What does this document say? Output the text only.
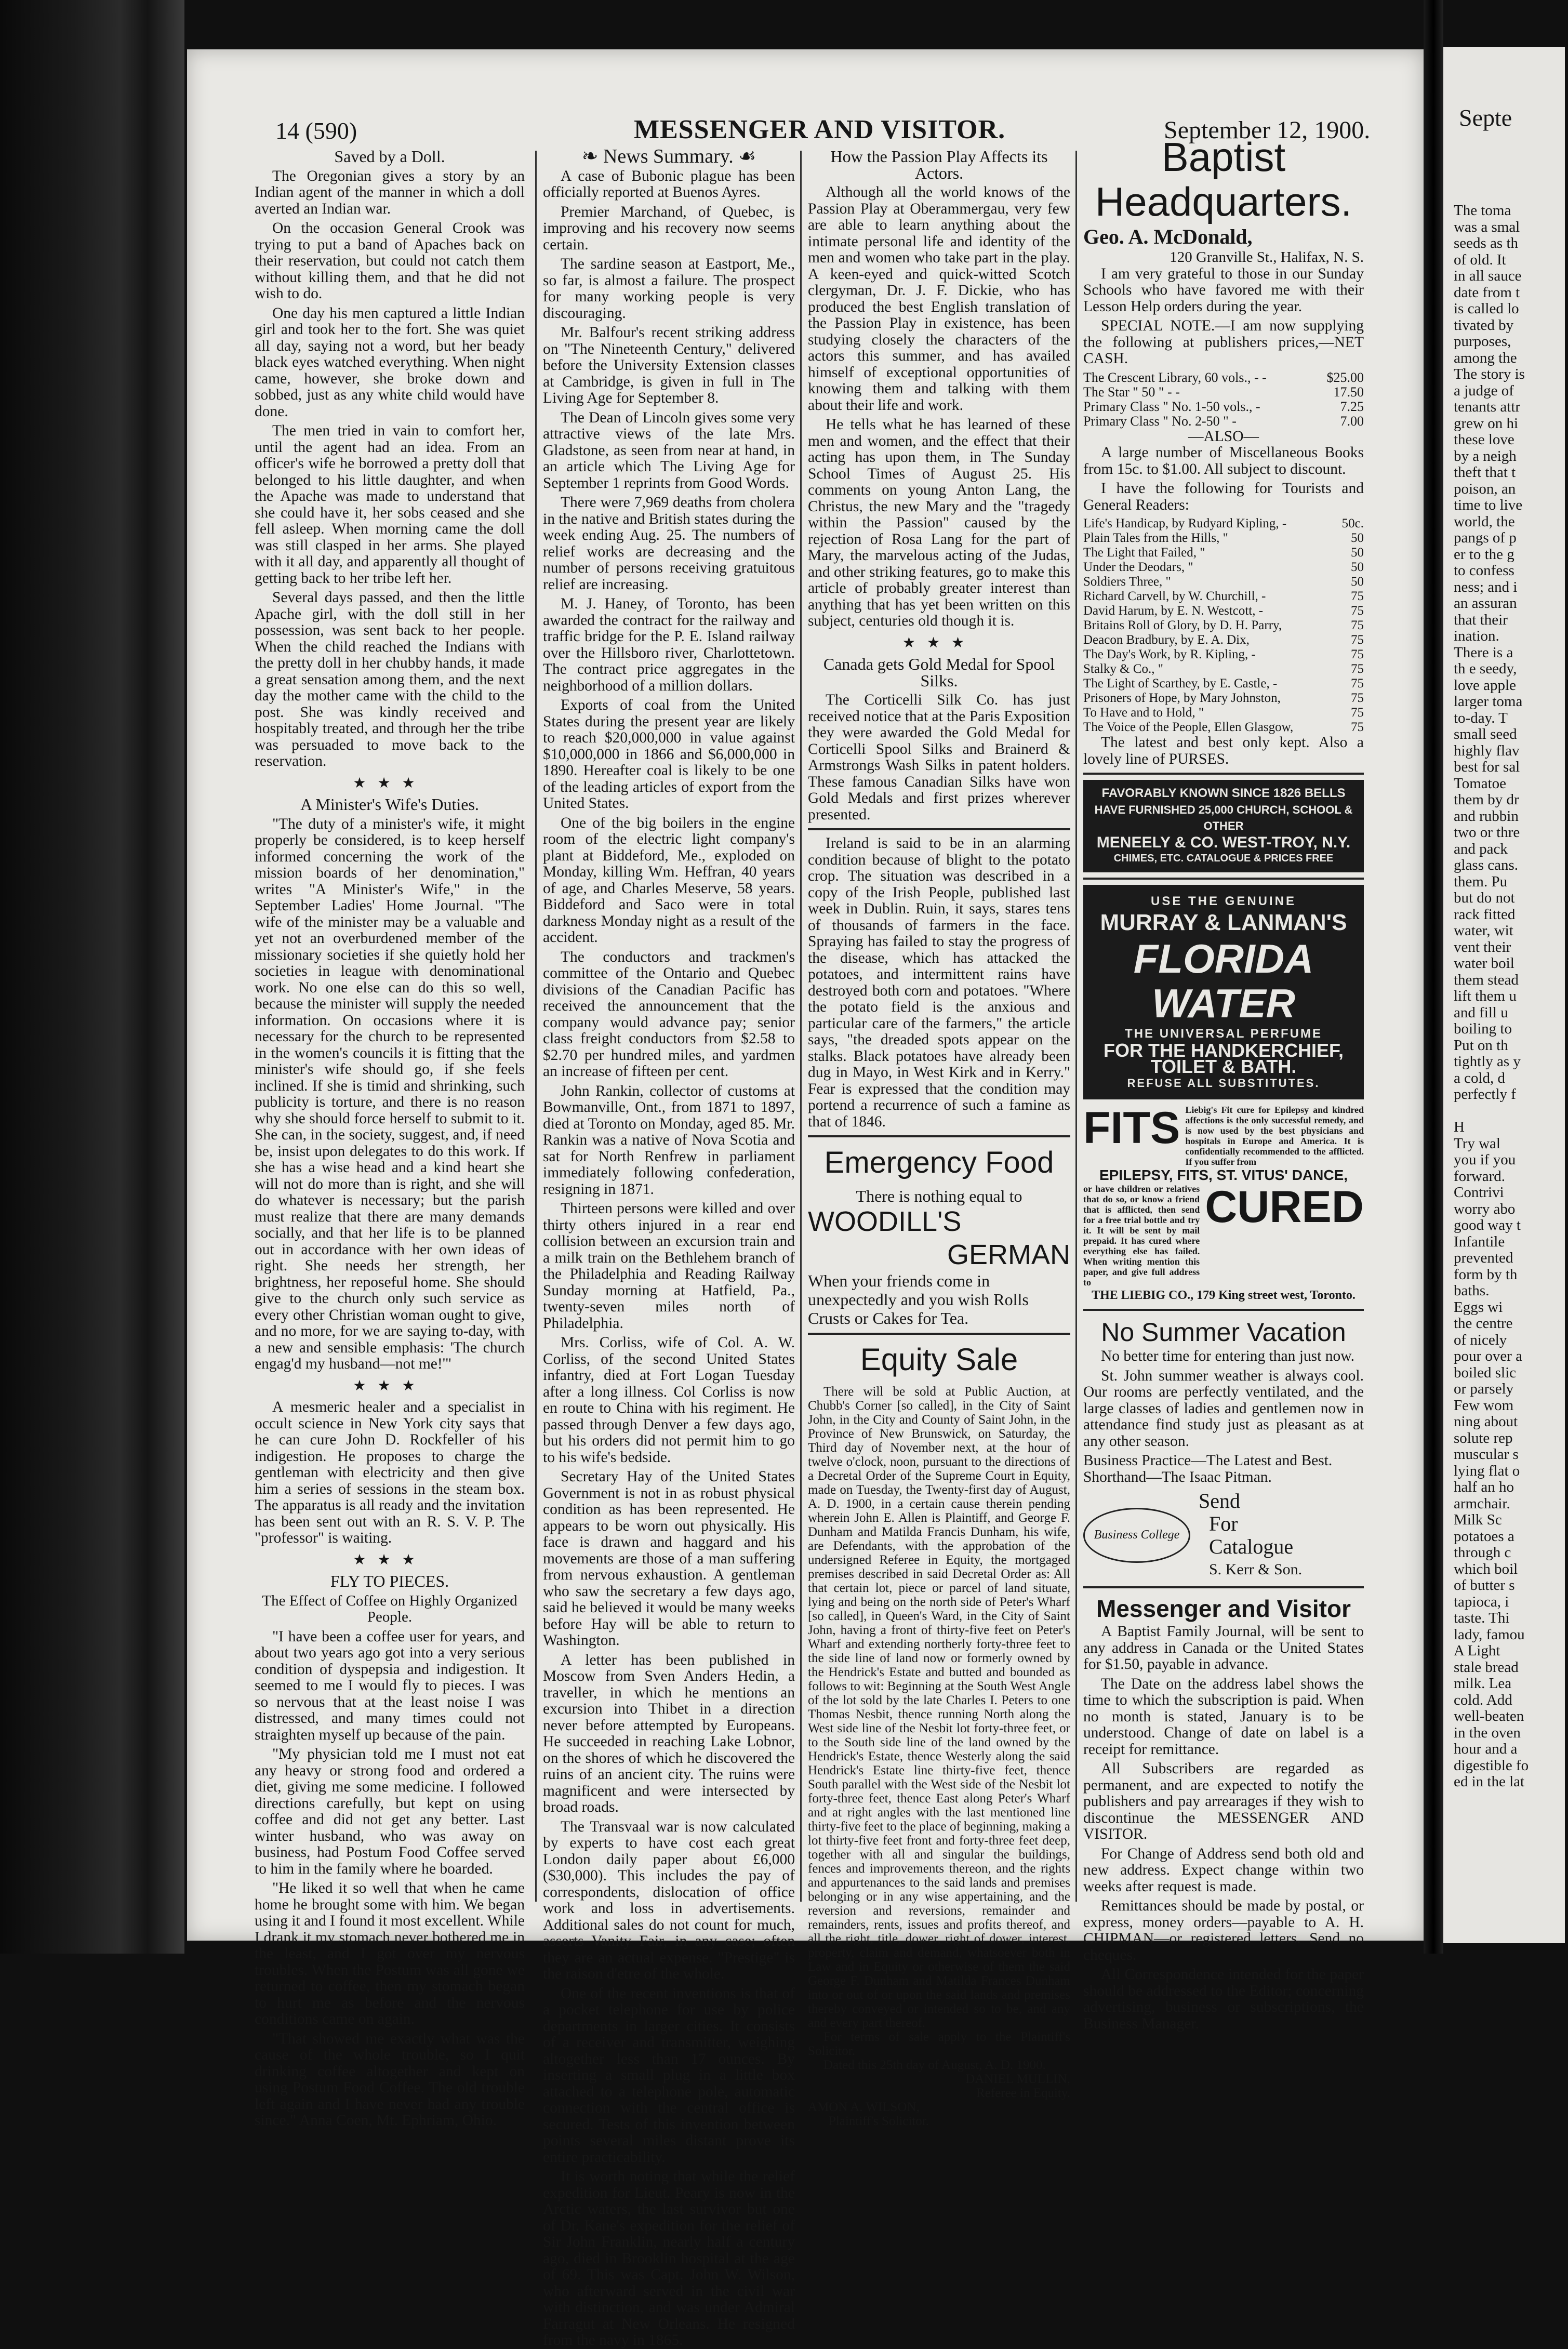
14 (590)	MESSENGER AND VISITOR.	September 12, 1900.
Saved by a Doll.

The Oregonian gives a story by an Indian agent of the manner in which a doll averted an Indian war.

On the occasion General Crook was trying to put a band of Apaches back on their reservation, but could not catch them without killing them, and that he did not wish to do.

One day his men captured a little Indian girl and took her to the fort. She was quiet all day, saying not a word, but her beady black eyes watched everything. When night came, however, she broke down and sobbed, just as any white child would have done.

The men tried in vain to comfort her, until the agent had an idea. From an officer's wife he borrowed a pretty doll that belonged to his little daughter, and when the Apache was made to understand that she could have it, her sobs ceased and she fell asleep. When morning came the doll was still clasped in her arms. She played with it all day, and apparently all thought of getting back to her tribe left her.

Several days passed, and then the little Apache girl, with the doll still in her possession, was sent back to her people. When the child reached the Indians with the pretty doll in her chubby hands, it made a great sensation among them, and the next day the mother came with the child to the post. She was kindly received and hospitably treated, and through her the tribe was persuaded to move back to the reservation.

★★★
A Minister's Wife's Duties.

"The duty of a minister's wife, it might properly be considered, is to keep herself informed concerning the work of the mission boards of her denomination," writes "A Minister's Wife," in the September Ladies' Home Journal. "The wife of the minister may be a valuable and yet not an overburdened member of the missionary societies if she quietly hold her societies in league with denominational work. No one else can do this so well, because the minister will supply the needed information. On occasions where it is necessary for the church to be represented in the women's councils it is fitting that the minister's wife should go, if she feels inclined. If she is timid and shrinking, such publicity is torture, and there is no reason why she should force herself to submit to it. She can, in the society, suggest, and, if need be, insist upon delegates to do this work. If she has a wise head and a kind heart she will not do more than is right, and she will do whatever is necessary; but the parish must realize that there are many demands socially, and that her life is to be planned out in accordance with her own ideas of right. She needs her strength, her brightness, her reposeful home. She should give to the church only such service as every other Christian woman ought to give, and no more, for we are saying to-day, with a new and sensible emphasis: 'The church engag'd my husband—not me!'"

★★★

A mesmeric healer and a specialist in occult science in New York city says that he can cure John D. Rockfeller of his indigestion. He proposes to charge the gentleman with electricity and then give him a series of sessions in the steam box. The apparatus is all ready and the invitation has been sent out with an R. S. V. P. The "professor" is waiting.

★★★
FLY TO PIECES.
The Effect of Coffee on Highly Organized People.

"I have been a coffee user for years, and about two years ago got into a very serious condition of dyspepsia and indigestion. It seemed to me I would fly to pieces. I was so nervous that at the least noise I was distressed, and many times could not straighten myself up because of the pain.

"My physician told me I must not eat any heavy or strong food and ordered a diet, giving me some medicine. I followed directions carefully, but kept on using coffee and did not get any better. Last winter husband, who was away on business, had Postum Food Coffee served to him in the family where he boarded.

"He liked it so well that when he came home he brought some with him. We began using it and I found it most excellent. While I drank it my stomach never bothered me in the least, and I got over my nervous troubles. When the Postum was all gone we returned to coffee, then my stomach began to hurt me as before and the nervous conditions came on again.

"That showed me exactly what was the cause of the whole trouble, so I quit drinking coffee altogether and kept on using Postum Food Coffee. The old trouble left again and I have never had any trouble since." Anna Coen, Mt. Ephriam, Ohio.

❧ News Summary. ☙

A case of Bubonic plague has been officially reported at Buenos Ayres.

Premier Marchand, of Quebec, is improving and his recovery now seems certain.

The sardine season at Eastport, Me., so far, is almost a failure. The prospect for many working people is very discouraging.

Mr. Balfour's recent striking address on "The Nineteenth Century," delivered before the University Extension classes at Cambridge, is given in full in The Living Age for September 8.

The Dean of Lincoln gives some very attractive views of the late Mrs. Gladstone, as seen from near at hand, in an article which The Living Age for September 1 reprints from Good Words.

There were 7,969 deaths from cholera in the native and British states during the week ending Aug. 25. The numbers of relief works are decreasing and the number of persons receiving gratuitous relief are increasing.

M. J. Haney, of Toronto, has been awarded the contract for the railway and traffic bridge for the P. E. Island railway over the Hillsboro river, Charlottetown. The contract price aggregates in the neighborhood of a million dollars.

Exports of coal from the United States during the present year are likely to reach $20,000,000 in value against $10,000,000 in 1866 and $6,000,000 in 1890. Hereafter coal is likely to be one of the leading articles of export from the United States.

One of the big boilers in the engine room of the electric light company's plant at Biddeford, Me., exploded on Monday, killing Wm. Heffran, 40 years of age, and Charles Meserve, 58 years. Biddeford and Saco were in total darkness Monday night as a result of the accident.

The conductors and trackmen's committee of the Ontario and Quebec divisions of the Canadian Pacific has received the announcement that the company would advance pay; senior class freight conductors from $2.58 to $2.70 per hundred miles, and yardmen an increase of fifteen per cent.

John Rankin, collector of customs at Bowmanville, Ont., from 1871 to 1897, died at Toronto on Monday, aged 85. Mr. Rankin was a native of Nova Scotia and sat for North Renfrew in parliament immediately following confederation, resigning in 1871.

Thirteen persons were killed and over thirty others injured in a rear end collision between an excursion train and a milk train on the Bethlehem branch of the Philadelphia and Reading Railway Sunday morning at Hatfield, Pa., twenty-seven miles north of Philadelphia.

Mrs. Corliss, wife of Col. A. W. Corliss, of the second United States infantry, died at Fort Logan Tuesday after a long illness. Col Corliss is now en route to China with his regiment. He passed through Denver a few days ago, but his orders did not permit him to go to his wife's bedside.

Secretary Hay of the United States Government is not in as robust physical condition as has been represented. He appears to be worn out physically. His face is drawn and haggard and his movements are those of a man suffering from nervous exhaustion. A gentleman who saw the secretary a few days ago, said he believed it would be many weeks before Hay will be able to return to Washington.

A letter has been published in Moscow from Sven Anders Hedin, a traveller, in which he mentions an excursion into Thibet in a direction never before attempted by Europeans. He succeeded in reaching Lake Lobnor, on the shores of which he discovered the ruins of an ancient city. The ruins were magnificent and were intersected by broad roads.

The Transvaal war is now calculated by experts to have cost each great London daily paper about £6,000 ($30,000). This includes the pay of correspondents, dislocation of office work and loss in advertisements. Additional sales do not count for much, asserts Vanity Fair, in any case; often they are an actual expense. "Prestige" is the raison d'etre of the whole.

One of the recent inventions is that of a pocket telephone for use by police departments in larger cities. It consists of a receiver and transmitter, weighing altogether less than 17 ounces. By inserting a small plug in a little box attached to a telephone pole, automatic connection with the central office is secured. Tests of this invention between points several miles distant prove its entire practicability.

It is worth noting that while the relief expedition for Lieut. Peary is now in the Arctic waters, the last survivor but one of Dr. Kane's expedition for the relief of Sir John Franklin, nearly half a century ago, died in Brooklin hospital at the age of 69. This was Capt. John W. Wilson, who afterward served in the civil war with distinction, and was under Admiral Farragut at New Orleans. He resigned from the navy in 1865.

How the Passion Play Affects its Actors.

Although all the world knows of the Passion Play at Oberammergau, very few are able to learn anything about the intimate personal life and identity of the men and women who take part in the play. A keen-eyed and quick-witted Scotch clergyman, Dr. J. F. Dickie, who has produced the best English translation of the Passion Play in existence, has been studying closely the characters of the actors this summer, and has availed himself of exceptional opportunities of knowing them and talking with them about their life and work.

He tells what he has learned of these men and women, and the effect that their acting has upon them, in The Sunday School Times of August 25. His comments on young Anton Lang, the Christus, the new Mary and the "tragedy within the Passion" caused by the rejection of Rosa Lang for the part of Mary, the marvelous acting of the Judas, and other striking features, go to make this article of probably greater interest than anything that has yet been written on this subject, centuries old though it is.

★★★
Canada gets Gold Medal for Spool Silks.

The Corticelli Silk Co. has just received notice that at the Paris Exposition they were awarded the Gold Medal for Corticelli Spool Silks and Brainerd & Armstrongs Wash Silks in patent holders. These famous Canadian Silks have won Gold Medals and first prizes wherever presented.

Ireland is said to be in an alarming condition because of blight to the potato crop. The situation was described in a copy of the Irish People, published last week in Dublin. Ruin, it says, stares tens of thousands of farmers in the face. Spraying has failed to stay the progress of the disease, which has attacked the potatoes, and intermittent rains have destroyed both corn and potatoes. "Where the potato field is the anxious and particular care of the farmers," the article says, "the dreaded spots appear on the stalks. Black potatoes have already been dug in Mayo, in West Kirk and in Kerry." Fear is expressed that the condition may portend a recurrence of such a famine as that of 1846.

Emergency Food
There is nothing equal to
WOODILL'S
GERMAN
When your friends come in unexpectedly and you wish Rolls Crusts or Cakes for Tea.
Equity Sale
There will be sold at Public Auction, at Chubb's Corner [so called], in the City of Saint John, in the City and County of Saint John, in the Province of New Brunswick, on Saturday, the Third day of November next, at the hour of twelve o'clock, noon, pursuant to the directions of a Decretal Order of the Supreme Court in Equity, made on Tuesday, the Twenty-first day of August, A. D. 1900, in a certain cause therein pending wherein John E. Allen is Plaintiff, and George F. Dunham and Matilda Francis Dunham, his wife, are Defendants, with the approbation of the undersigned Referee in Equity, the mortgaged premises described in said Decretal Order as: All that certain lot, piece or parcel of land situate, lying and being on the north side of Peter's Wharf [so called], in Queen's Ward, in the City of Saint John, having a front of thirty-five feet on Peter's Wharf and extending northerly forty-three feet to the side line of land now or formerly owned by the Hendrick's Estate and butted and bounded as follows to wit: Beginning at the South West Angle of the lot sold by the late Charles I. Peters to one Thomas Nesbit, thence running North along the West side line of the Nesbit lot forty-three feet, or to the South side line of the land owned by the Hendrick's Estate, thence Westerly along the said Hendrick's Estate line thirty-five feet, thence South parallel with the West side of the Nesbit lot forty-three feet, thence East along Peter's Wharf and at right angles with the last mentioned line thirty-five feet to the place of beginning, making a lot thirty-five feet front and forty-three feet deep, together with all and singular the buildings, fences and improvements thereon, and the rights and appurtenances to the said lands and premises belonging or in any wise appertaining, and the reversion and reversions, remainder and remainders, rents, issues and profits thereof, and all the right, title, dower, right of dower, interest, property, claim and demand, whatsoever both in Law and in Equity or otherwise of them the said George F. Dunham and Matilda Frances Dunham into or out of or upon the said lands and premises thereby conveyed or intended so to be, and any and every part thereof.
For terms of sale apply to the Plaintiff's Solicitor.
Dated this 25th day of August, A. D. 1900.
DANIEL MULLIN,
Referee in Equity.
AMON A. WILSON,
Plaintiff's Solicitor.
Baptist
Headquarters.
Geo. A. McDonald,
120 Granville St., Halifax, N. S.

I am very grateful to those in our Sunday Schools who have favored me with their Lesson Help orders during the year.

SPECIAL NOTE.—I am now supplying the following at publishers prices,—NET CASH.

The Crescent Library, 60 vols., - -	$25.00
The Star " 50 " - -	17.50
Primary Class " No. 1-50 vols., -	7.25
Primary Class " No. 2-50 " -	7.00
—ALSO—

A large number of Miscellaneous Books from 15c. to $1.00. All subject to discount.

I have the following for Tourists and General Readers:

Life's Handicap, by Rudyard Kipling, -	50c.
Plain Tales from the Hills, "	50
The Light that Failed, "	50
Under the Deodars, "	50
Soldiers Three, "	50
Richard Carvell, by W. Churchill, -	75
David Harum, by E. N. Westcott, -	75
Britains Roll of Glory, by D. H. Parry,	75
Deacon Bradbury, by E. A. Dix,	75
The Day's Work, by R. Kipling, -	75
Stalky & Co., "	75
The Light of Scarthey, by E. Castle, -	75
Prisoners of Hope, by Mary Johnston,	75
To Have and to Hold, "	75
The Voice of the People, Ellen Glasgow,	75

The latest and best only kept. Also a lovely line of PURSES.

FAVORABLY KNOWN SINCE 1826 BELLS
HAVE FURNISHED 25,000 CHURCH, SCHOOL & OTHER
MENEELY & CO. WEST-TROY, N.Y.
CHIMES, ETC. CATALOGUE & PRICES FREE
USE THE GENUINE
MURRAY & LANMAN'S
FLORIDA
WATER
THE UNIVERSAL PERFUME
FOR THE HANDKERCHIEF,
TOILET & BATH.
REFUSE ALL SUBSTITUTES.
FITS Liebig's Fit cure for Epilepsy and kindred affections is the only successful remedy, and is now used by the best physicians and hospitals in Europe and America. It is confidentially recommended to the afflicted. If you suffer from
EPILEPSY, FITS, ST. VITUS' DANCE,
or have children or relatives that do so, or know a friend that is afflicted, then send for a free trial bottle and try it. It will be sent by mail prepaid. It has cured where everything else has failed. When writing mention this paper, and give full address to
CURED
THE LIEBIG CO., 179 King street west, Toronto.
No Summer Vacation

No better time for entering than just now.

St. John summer weather is always cool. Our rooms are perfectly ventilated, and the large classes of ladies and gentlemen now in attendance find study just as pleasant as at any other season.

Business Practice—The Latest and Best.
Shorthand—The Isaac Pitman.
Business College
Send
For
Catalogue
S. Kerr & Son.
Messenger and Visitor

A Baptist Family Journal, will be sent to any address in Canada or the United States for $1.50, payable in advance.

The Date on the address label shows the time to which the subscription is paid. When no month is stated, January is to be understood. Change of date on label is a receipt for remittance.

All Subscribers are regarded as permanent, and are expected to notify the publishers and pay arrearages if they wish to discontinue the MESSENGER AND VISITOR.

For Change of Address send both old and new address. Expect change within two weeks after request is made.

Remittances should be made by postal, or express, money orders—payable to A. H. CHIPMAN—or registered letters. Send no cheques.

All Correspondence intended for the paper should be addressed to the Editor; concerning advertising, business or subscriptions, the Business Manager.

Septe
The toma
was a smal
seeds as th
of old. It
in all sauce
date from t
is called lo
tivated by
purposes,
among the
The story is
a judge of
tenants attr
grew on hi
these love
by a neigh
theft that t
poison, an
time to live
world, the
pangs of p
er to the g
to confess
ness; and i
an assuran
that their
ination.
There is a
th e seedy,
love apple
larger toma
to-day. T
small seed
highly flav
best for sal
Tomatoe
them by dr
and rubbin
two or thre
and pack
glass cans.
them. Pu
but do not
rack fitted
water, wit
vent their
water boil
them stead
lift them u
and fill u
boiling to
Put on th
tightly as y
a cold, d
perfectly f

H
Try wal
you if you
forward.
Contrivi
worry abo
good way t
Infantile
prevented
form by th
baths.
Eggs wi
the centre
of nicely
pour over a
boiled slic
or parsely
Few wom
ning about
solute rep
muscular s
lying flat o
half an ho
armchair.
Milk Sc
potatoes a
through c
which boil
of butter s
tapioca, i
taste. Thi
lady, famou
A Light
stale bread
milk. Lea
cold. Add
well-beaten
in the oven
hour and a
digestible fo
ed in the lat
